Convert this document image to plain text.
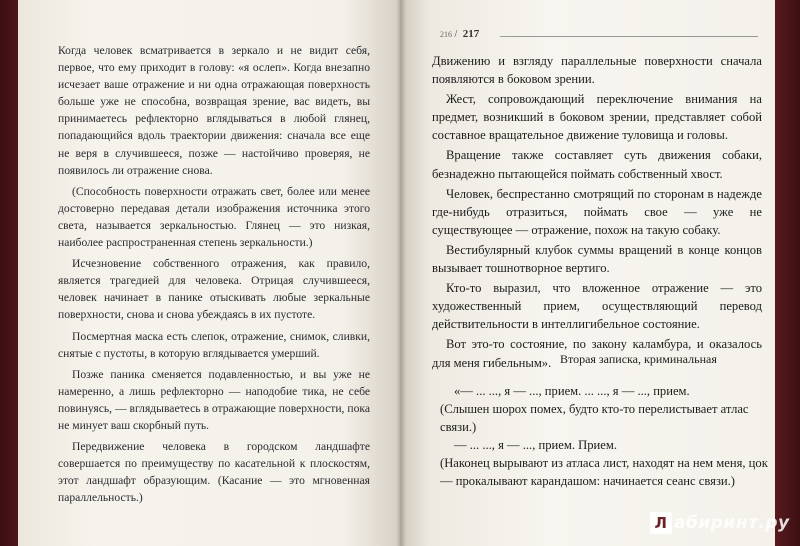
Когда человек всматривается в зеркало и не видит себя, первое, что ему приходит в голову: «я ослеп». Когда внезапно исчезает ваше отражение и ни одна отражающая поверхность больше уже не способна, возвращая зрение, вас видеть, вы принимаетесь рефлекторно вглядываться в любой глянец, попадающийся вдоль траектории движения: сначала все еще не веря в случившееся, позже — настойчиво проверяя, не появилось ли отражение снова.

(Способность поверхности отражать свет, более или менее достоверно передавая детали изображения источника этого света, называется зеркальностью. Глянец — это низкая, наиболее распространенная степень зеркальности.)

Исчезновение собственного отражения, как правило, является трагедией для человека. Отрицая случившееся, человек начинает в панике отыскивать любые зеркальные поверхности, снова и снова убеждаясь в их пустоте.

Посмертная маска есть слепок, отражение, снимок, сливки, снятые с пустоты, в которую вглядывается умерший.

Позже паника сменяется подавленностью, и вы уже не намеренно, а лишь рефлекторно — наподобие тика, не себе повинуясь, — вглядываетесь в отражающие поверхности, пока не минует ваш скорбный путь.

Передвижение человека в городском ландшафте совершается по преимуществу по касательной к плоскостям, этот ландшафт образующим. (Касание — это мгновенная параллельность.)

216 / 217

Движению и взгляду параллельные поверхности сначала появляются в боковом зрении.

Жест, сопровождающий переключение внимания на предмет, возникший в боковом зрении, представляет собой составное вращательное движение туловища и головы.

Вращение также составляет суть движения собаки, безнадежно пытающейся поймать собственный хвост.

Человек, беспрестанно смотрящий по сторонам в надежде где-нибудь отразиться, поймать свое — уже не существующее — отражение, похож на такую собаку.

Вестибулярный клубок суммы вращений в конце концов вызывает тошнотворное вертиго.

Кто-то выразил, что вложенное отражение — это художественный прием, осуществляющий перевод действительности в интеллигибельное состояние.

Вот это-то состояние, по закону каламбура, и оказалось для меня гибельным». Вторая записка, криминальная

«— ... ..., я — ..., прием. ... ..., я — ..., прием.

(Слышен шорох помех, будто кто-то перелистывает атлас связи.)

— ... ..., я — ..., прием. Прием.

(Наконец вырывают из атласа лист, находят на нем меня, цок — прокалывают карандашом: начинается сеанс связи.)

Л абиринт.ру
